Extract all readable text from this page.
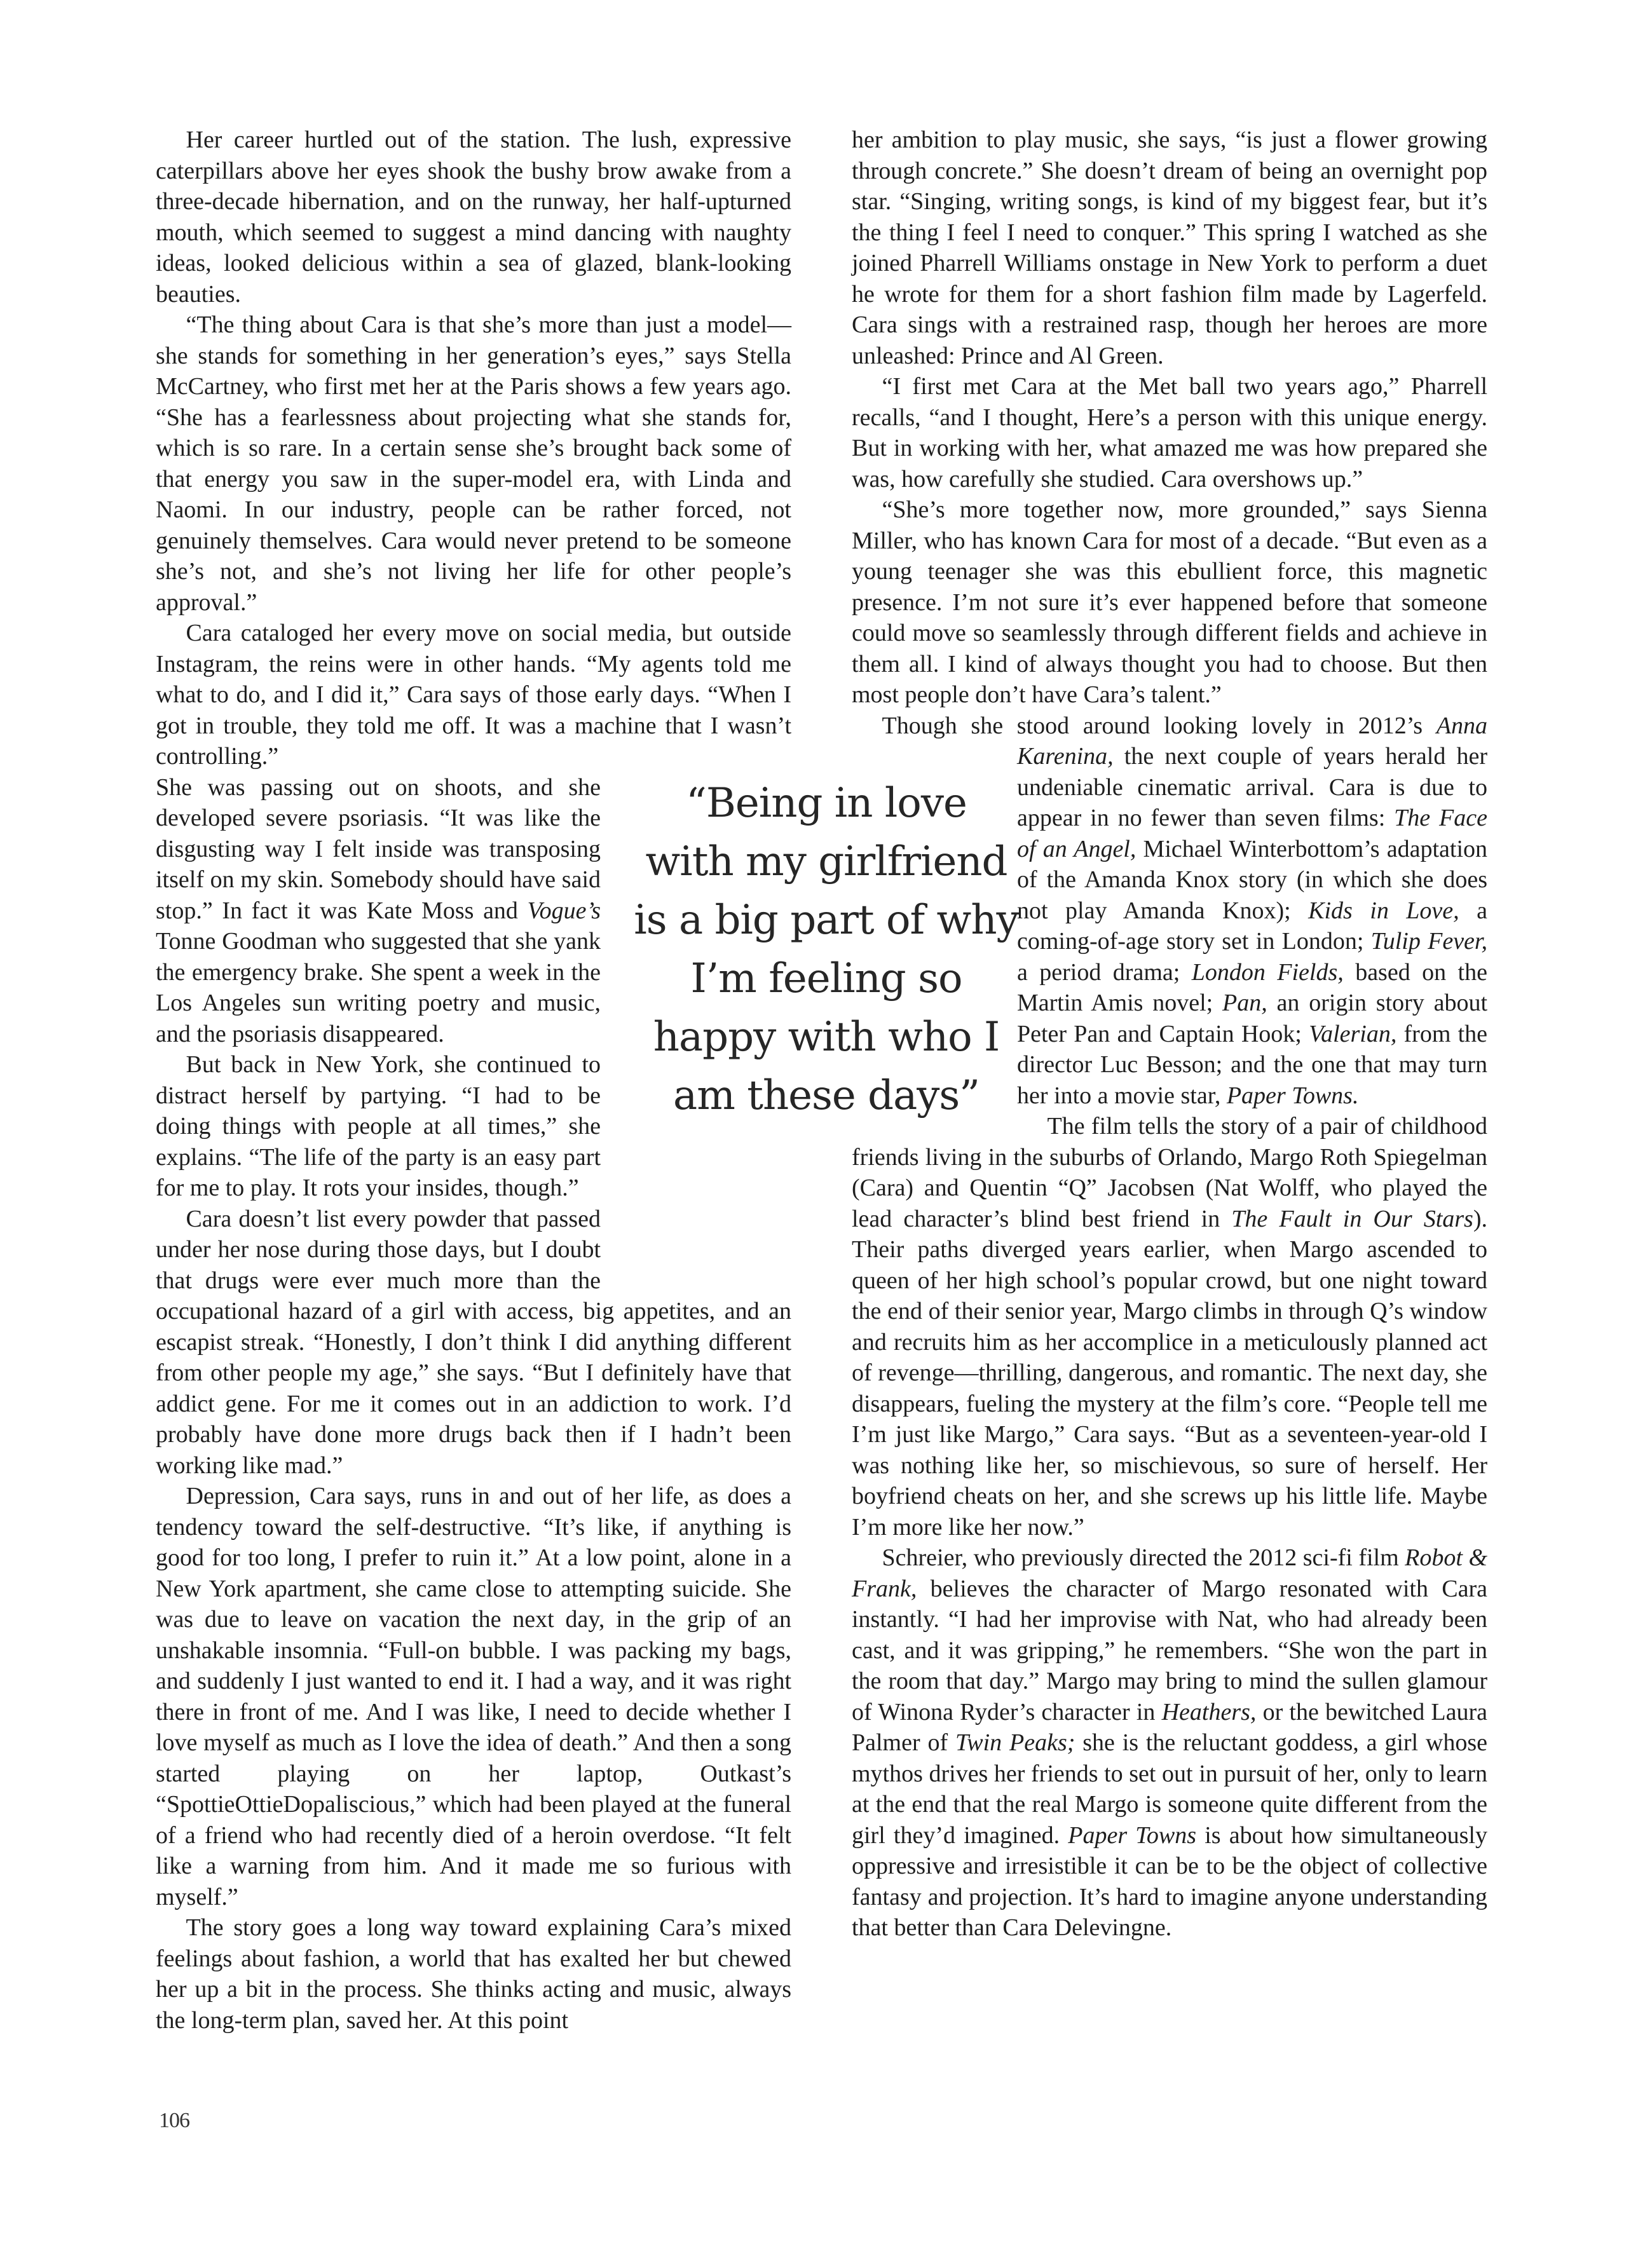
Her career hurtled out of the station. The lush, expressive caterpillars above her eyes shook the bushy brow awake from a three-decade hibernation, and on the runway, her half-upturned mouth, which seemed to suggest a mind dancing with naughty ideas, looked delicious within a sea of glazed, blank-looking beauties.

“The thing about Cara is that she’s more than just a model—she stands for something in her generation’s eyes,” says Stella McCartney, who first met her at the Paris shows a few years ago. “She has a fearlessness about projecting what she stands for, which is so rare. In a certain sense she’s brought back some of that energy you saw in the super-model era, with Linda and Naomi. In our industry, people can be rather forced, not genuinely themselves. Cara would never pretend to be someone she’s not, and she’s not living her life for other people’s approval.”

Cara cataloged her every move on social media, but outside Instagram, the reins were in other hands. “My agents told me what to do, and I did it,” Cara says of those early days. “When I got in trouble, they told me off. It was a machine that I wasn’t controlling.”

She was passing out on shoots, and she developed severe psoriasis. “It was like the disgusting way I felt inside was transposing itself on my skin. Somebody should have said stop.” In fact it was Kate Moss and Vogue’s Tonne Goodman who suggested that she yank the emergency brake. She spent a week in the Los Angeles sun writing poetry and music, and the psoriasis disappeared.

But back in New York, she continued to distract herself by partying. “I had to be doing things with people at all times,” she explains. “The life of the party is an easy part for me to play. It rots your insides, though.”

Cara doesn’t list every powder that passed under her nose during those days, but I doubt that drugs were ever much more than the occupational hazard of a girl with access, big appetites, and an escapist streak. “Honestly, I don’t think I did anything different from other people my age,” she says. “But I definitely have that addict gene. For me it comes out in an addiction to work. I’d probably have done more drugs back then if I hadn’t been working like mad.”

Depression, Cara says, runs in and out of her life, as does a tendency toward the self-destructive. “It’s like, if anything is good for too long, I prefer to ruin it.” At a low point, alone in a New York apartment, she came close to attempting suicide. She was due to leave on vacation the next day, in the grip of an unshakable insomnia. “Full-on bubble. I was packing my bags, and suddenly I just wanted to end it. I had a way, and it was right there in front of me. And I was like, I need to decide whether I love myself as much as I love the idea of death.” And then a song started playing on her laptop, Outkast’s “SpottieOttieDopaliscious,” which had been played at the funeral of a friend who had recently died of a heroin overdose. “It felt like a warning from him. And it made me so furious with myself.”

The story goes a long way toward explaining Cara’s mixed feelings about fashion, a world that has exalted her but chewed her up a bit in the process. She thinks acting and music, always the long-term plan, saved her. At this point

her ambition to play music, she says, “is just a flower growing through concrete.” She doesn’t dream of being an overnight pop star. “Singing, writing songs, is kind of my biggest fear, but it’s the thing I feel I need to conquer.” This spring I watched as she joined Pharrell Williams onstage in New York to perform a duet he wrote for them for a short fashion film made by Lagerfeld. Cara sings with a restrained rasp, though her heroes are more unleashed: Prince and Al Green.

“I first met Cara at the Met ball two years ago,” Pharrell recalls, “and I thought, Here’s a person with this unique energy. But in working with her, what amazed me was how prepared she was, how carefully she studied. Cara overshows up.”

“She’s more together now, more grounded,” says Sienna Miller, who has known Cara for most of a decade. “But even as a young teenager she was this ebullient force, this magnetic presence. I’m not sure it’s ever happened before that someone could move so seamlessly through different fields and achieve in them all. I kind of always thought you had to choose. But then most people don’t have Cara’s talent.”

Though she stood around looking lovely in 2012’s
Anna Karenina, the next couple of years herald her undeniable cinematic arrival. Cara is due to appear in no fewer than seven films: The Face of an Angel, Michael Winterbottom’s adaptation of the Amanda Knox story (in which she does not play Amanda Knox); Kids in Love, a coming-of-age story set in London; Tulip Fever, a period drama; London Fields, based on the Martin Amis novel; Pan, an origin story about Peter Pan and Captain Hook; Valerian, from the director Luc Besson; and the one that may turn her into a movie star, Paper Towns.

The film tells the story of a pair of childhood friends living in the suburbs of Orlando, Margo Roth Spiegelman (Cara) and Quentin “Q” Jacobsen (Nat Wolff, who played the lead character’s blind best friend in The Fault in Our Stars). Their paths diverged years earlier, when Margo ascended to queen of her high school’s popular crowd, but one night toward the end of their senior year, Margo climbs in through Q’s window and recruits him as her accomplice in a meticulously planned act of revenge—thrilling, dangerous, and romantic. The next day, she disappears, fueling the mystery at the film’s core. “People tell me I’m just like Margo,” Cara says. “But as a seventeen-year-old I was nothing like her, so mischievous, so sure of herself. Her boyfriend cheats on her, and she screws up his little life. Maybe I’m more like her now.”

Schreier, who previously directed the 2012 sci-fi film Robot & Frank, believes the character of Margo resonated with Cara instantly. “I had her improvise with Nat, who had already been cast, and it was gripping,” he remembers. “She won the part in the room that day.” Margo may bring to mind the sullen glamour of Winona Ryder’s character in Heathers, or the bewitched Laura Palmer of Twin Peaks; she is the reluctant goddess, a girl whose mythos drives her friends to set out in pursuit of her, only to learn at the end that the real Margo is someone quite different from the girl they’d imagined. Paper Towns is about how simultaneously oppressive and irresistible it can be to be the object of collective fantasy and projection. It’s hard to imagine anyone understanding that better than Cara Delevingne.

“Being in love
with my girlfriend
is a big part of why
I’m feeling so
happy with who I
am these days”
106
